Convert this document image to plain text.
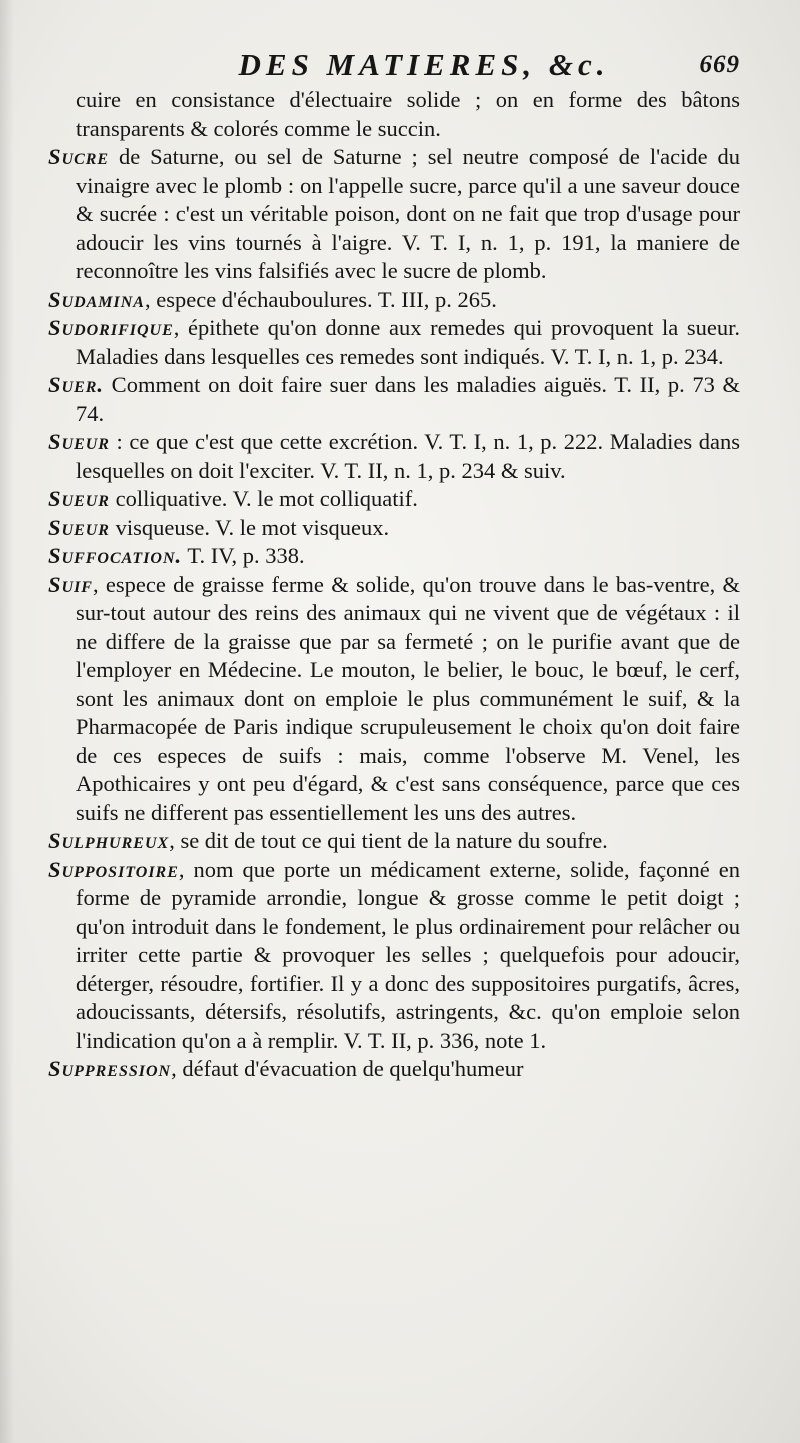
DES MATIERES, &c.	669

cuire en consistance d'électuaire solide ; on en forme des bâtons transparents & colorés comme le succin.

Sucre de Saturne, ou sel de Saturne ; sel neutre composé de l'acide du vinaigre avec le plomb : on l'appelle sucre, parce qu'il a une saveur douce & sucrée : c'est un véritable poison, dont on ne fait que trop d'usage pour adoucir les vins tournés à l'aigre. V. T. I, n. 1, p. 191, la maniere de reconnoître les vins falsifiés avec le sucre de plomb.

Sudamina, espece d'échauboulures. T. III, p. 265.

Sudorifique, épithete qu'on donne aux remedes qui provoquent la sueur. Maladies dans lesquelles ces remedes sont indiqués. V. T. I, n. 1, p. 234.

Suer. Comment on doit faire suer dans les maladies aiguës. T. II, p. 73 & 74.

Sueur : ce que c'est que cette excrétion. V. T. I, n. 1, p. 222. Maladies dans lesquelles on doit l'exciter. V. T. II, n. 1, p. 234 & suiv.

Sueur colliquative. V. le mot colliquatif.

Sueur visqueuse. V. le mot visqueux.

Suffocation. T. IV, p. 338.

Suif, espece de graisse ferme & solide, qu'on trouve dans le bas-ventre, & sur-tout autour des reins des animaux qui ne vivent que de végétaux : il ne differe de la graisse que par sa fermeté ; on le purifie avant que de l'employer en Médecine. Le mouton, le belier, le bouc, le bœuf, le cerf, sont les animaux dont on emploie le plus communément le suif, & la Pharmacopée de Paris indique scrupuleusement le choix qu'on doit faire de ces especes de suifs : mais, comme l'observe M. Venel, les Apothicaires y ont peu d'égard, & c'est sans conséquence, parce que ces suifs ne different pas essentiellement les uns des autres.

Sulphureux, se dit de tout ce qui tient de la nature du soufre.

Suppositoire, nom que porte un médicament externe, solide, façonné en forme de pyramide arrondie, longue & grosse comme le petit doigt ; qu'on introduit dans le fondement, le plus ordinairement pour relâcher ou irriter cette partie & provoquer les selles ; quelquefois pour adoucir, déterger, résoudre, fortifier. Il y a donc des suppositoires purgatifs, âcres, adoucissants, détersifs, résolutifs, astringents, &c. qu'on emploie selon l'indication qu'on a à remplir. V. T. II, p. 336, note 1.

Suppression, défaut d'évacuation de quelqu'humeur
